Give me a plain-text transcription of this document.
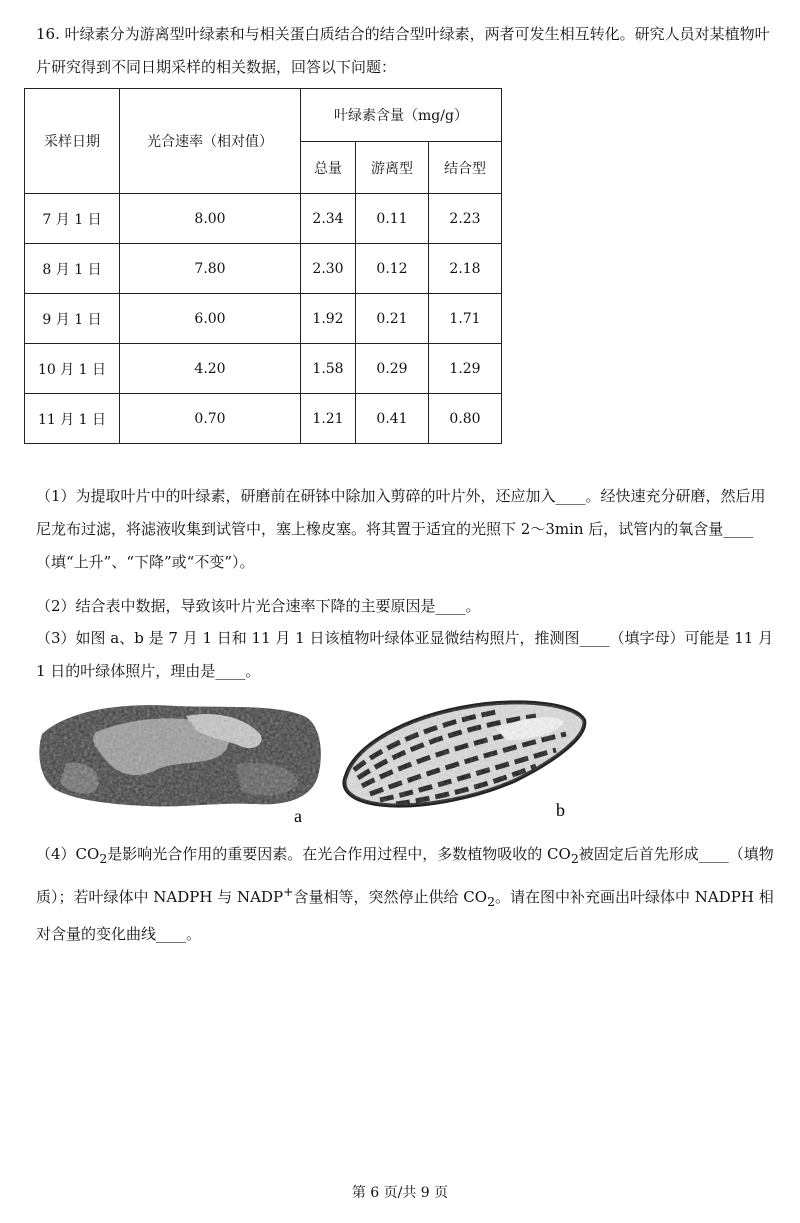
16. 叶绿素分为游离型叶绿素和与相关蛋白质结合的结合型叶绿素，两者可发生相互转化。研究人员对某植物叶片研究得到不同日期采样的相关数据，回答以下问题：
采样日期	光合速率（相对值）	叶绿素含量（mg/g）		
		总量	游离型	结合型
7 月 1 日	8.00	2.34	0.11	2.23
8 月 1 日	7.80	2.30	0.12	2.18
9 月 1 日	6.00	1.92	0.21	1.71
10 月 1 日	4.20	1.58	0.29	1.29
11 月 1 日	0.70	1.21	0.41	0.80
（1）为提取叶片中的叶绿素，研磨前在研钵中除加入剪碎的叶片外，还应加入____。经快速充分研磨，然后用尼龙布过滤，将滤液收集到试管中，塞上橡皮塞。将其置于适宜的光照下 2～3min 后，试管内的氧含量____（填“上升”、“下降”或“不变”）。
（2）结合表中数据，导致该叶片光合速率下降的主要原因是____。
（3）如图 a、b 是 7 月 1 日和 11 月 1 日该植物叶绿体亚显微结构照片，推测图____（填字母）可能是 11 月 1 日的叶绿体照片，理由是____。
a	b
$(4)CO_2$是影响光合作用的重要因素。在光合作用过程中，多数植物吸收的 $CO_2$被固定后首先形成____（填物质）；若叶绿体中 NADPH 与 NADP+含量相等，突然停止供给 $CO_2$。请在图中补充画出叶绿体中 NADPH 相对含量的变化曲线____。
第 6 页/共 9 页
